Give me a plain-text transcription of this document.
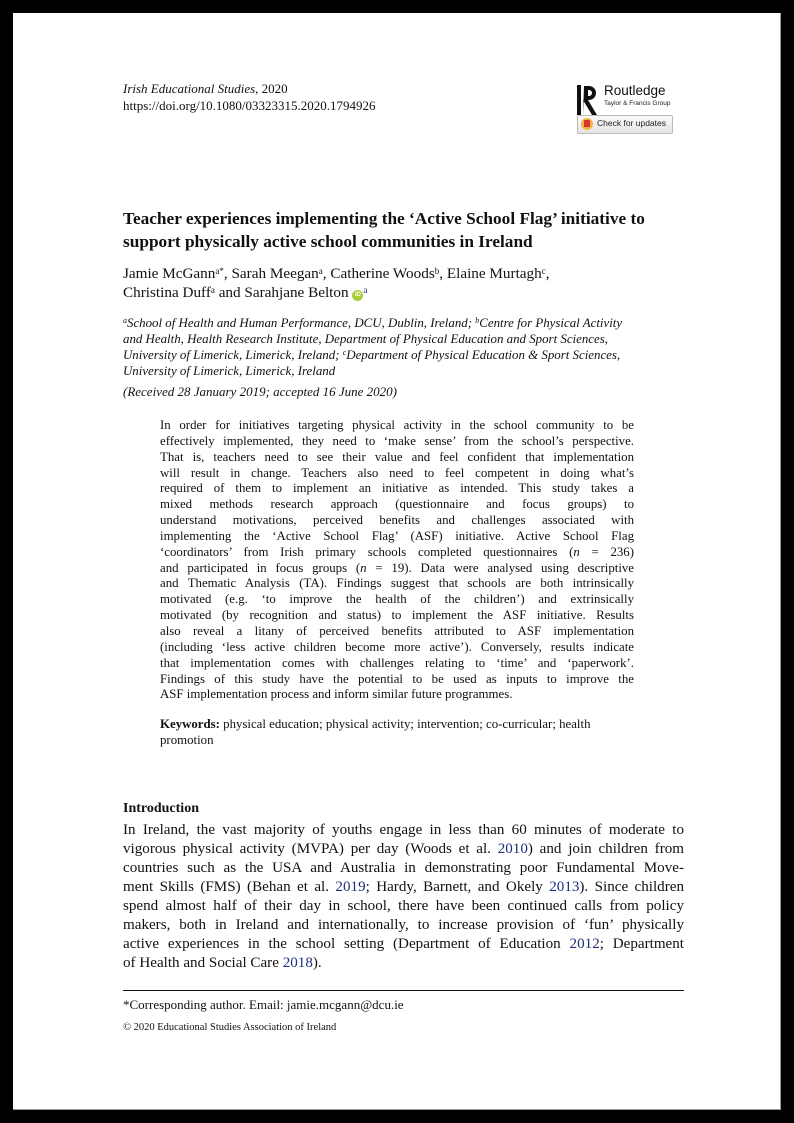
Irish Educational Studies, 2020
https://doi.org/10.1080/03323315.2020.1794926
Routledge
Taylor & Francis Group
Check for updates
Teacher experiences implementing the ‘Active School Flag’ initiative to
support physically active school communities in Ireland
Jamie McGann$^{a*}$, Sarah Meegan$^a$, Catherine Woods$^b$, Elaine Murtagh$^c$,
Christina Duff$^a$ and Sarahjane Belton iD $^a$
$^a$School of Health and Human Performance, DCU, Dublin, Ireland; $^b$Centre for Physical Activity
and Health, Health Research Institute, Department of Physical Education and Sport Sciences,
University of Limerick, Limerick, Ireland; $^c$Department of Physical Education & Sport Sciences,
University of Limerick, Limerick, Ireland
(Received 28 January 2019; accepted 16 June 2020)
In order for initiatives targeting physical activity in the school community to be
effectively implemented, they need to ‘make sense’ from the school’s perspective.
That is, teachers need to see their value and feel confident that implementation
will result in change. Teachers also need to feel competent in doing what’s
required of them to implement an initiative as intended. This study takes a
mixed methods research approach (questionnaire and focus groups) to
understand motivations, perceived benefits and challenges associated with
implementing the ‘Active School Flag’ (ASF) initiative. Active School Flag
‘coordinators’ from Irish primary schools completed questionnaires (n = 236)
and participated in focus groups (n = 19). Data were analysed using descriptive
and Thematic Analysis (TA). Findings suggest that schools are both intrinsically
motivated (e.g. ‘to improve the health of the children’) and extrinsically
motivated (by recognition and status) to implement the ASF initiative. Results
also reveal a litany of perceived benefits attributed to ASF implementation
(including ‘less active children become more active’). Conversely, results indicate
that implementation comes with challenges relating to ‘time’ and ‘paperwork’.
Findings of this study have the potential to be used as inputs to improve the
ASF implementation process and inform similar future programmes.
Keywords: physical education; physical activity; intervention; co-curricular; health
promotion
Introduction
In Ireland, the vast majority of youths engage in less than 60 minutes of moderate to
vigorous physical activity (MVPA) per day (Woods et al. 2010) and join children from
countries such as the USA and Australia in demonstrating poor Fundamental Move-
ment Skills (FMS) (Behan et al. 2019; Hardy, Barnett, and Okely 2013). Since children
spend almost half of their day in school, there have been continued calls from policy
makers, both in Ireland and internationally, to increase provision of ‘fun’ physically
active experiences in the school setting (Department of Education 2012; Department
of Health and Social Care 2018).
*Corresponding author. Email: jamie.mcgann@dcu.ie
© 2020 Educational Studies Association of Ireland
